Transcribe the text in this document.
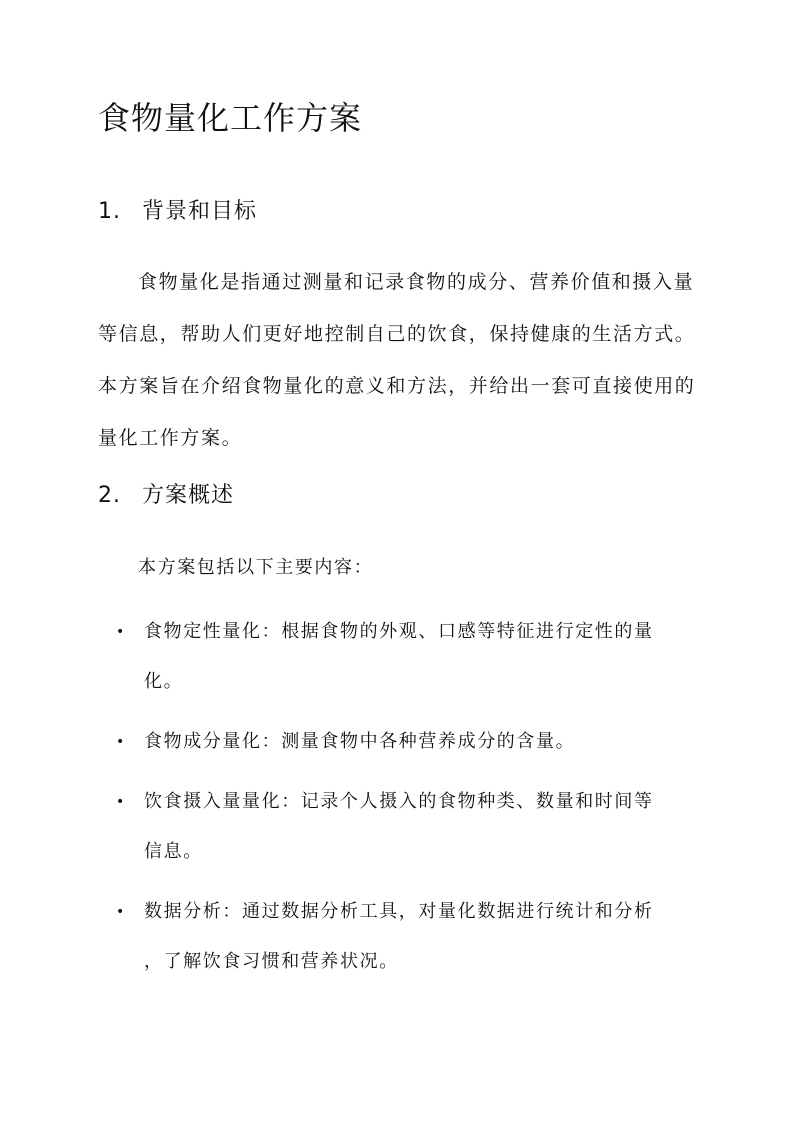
食物量化工作方案
1. 背景和目标

食物量化是指通过测量和记录食物的成分、营养价值和摄入量
等信息，帮助人们更好地控制自己的饮食，保持健康的生活方式。
本方案旨在介绍食物量化的意义和方法，并给出一套可直接使用的
量化工作方案。

2. 方案概述

本方案包括以下主要内容：

•	食物定性量化：根据食物的外观、口感等特征进行定性的量
化。
•	食物成分量化：测量食物中各种营养成分的含量。
•	饮食摄入量量化：记录个人摄入的食物种类、数量和时间等
信息。
•	数据分析：通过数据分析工具，对量化数据进行统计和分析
，了解饮食习惯和营养状况。
